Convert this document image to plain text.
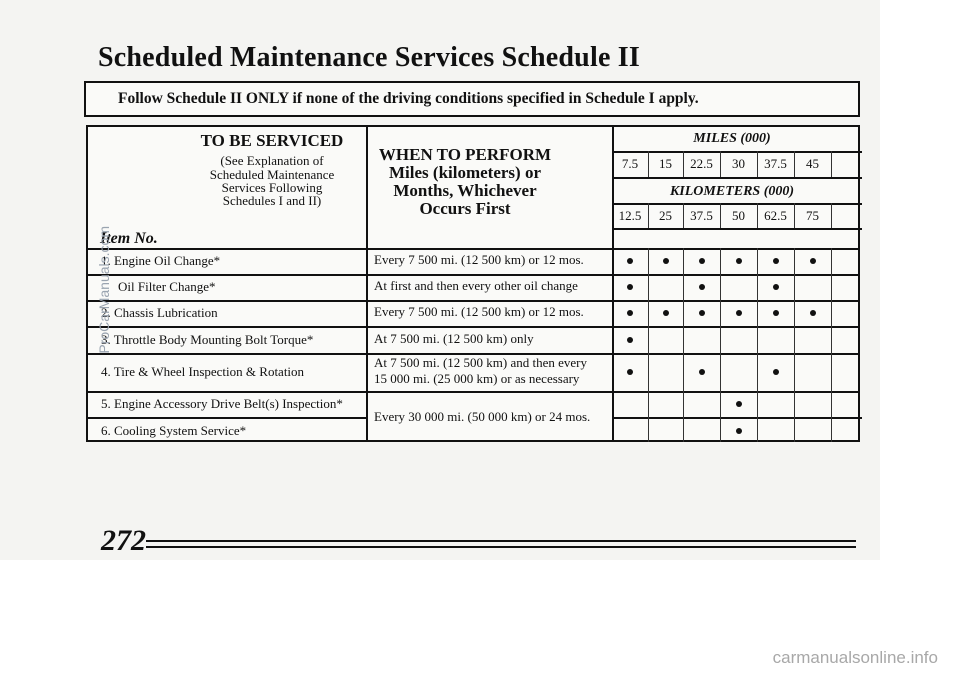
Scheduled Maintenance Services Schedule II
Follow Schedule II ONLY if none of the driving conditions specified in Schedule I apply.
TO BE SERVICED
(See Explanation of
Scheduled Maintenance
Services Following
Schedules I and II)
Item No.
WHEN TO PERFORM
Miles (kilometers) or
Months, Whichever
Occurs First
MILES (000)
KILOMETERS (000)
7.5
12.5
15
25
22.5
37.5
30
50
37.5
62.5
45
75
1. Engine Oil Change*
Oil Filter Change*
2. Chassis Lubrication
3. Throttle Body Mounting Bolt Torque*
4. Tire & Wheel Inspection & Rotation
5. Engine Accessory Drive Belt(s) Inspection*
6. Cooling System Service*
Every 7 500 mi. (12 500 km) or 12 mos.
At first and then every other oil change
Every 7 500 mi. (12 500 km) or 12 mos.
At 7 500 mi. (12 500 km) only
At 7 500 mi. (12 500 km) and then every
15 000 mi. (25 000 km) or as necessary
Every 30 000 mi. (50 000 km) or 24 mos.
272
ProCarManuals.com
carmanualsonline.info
